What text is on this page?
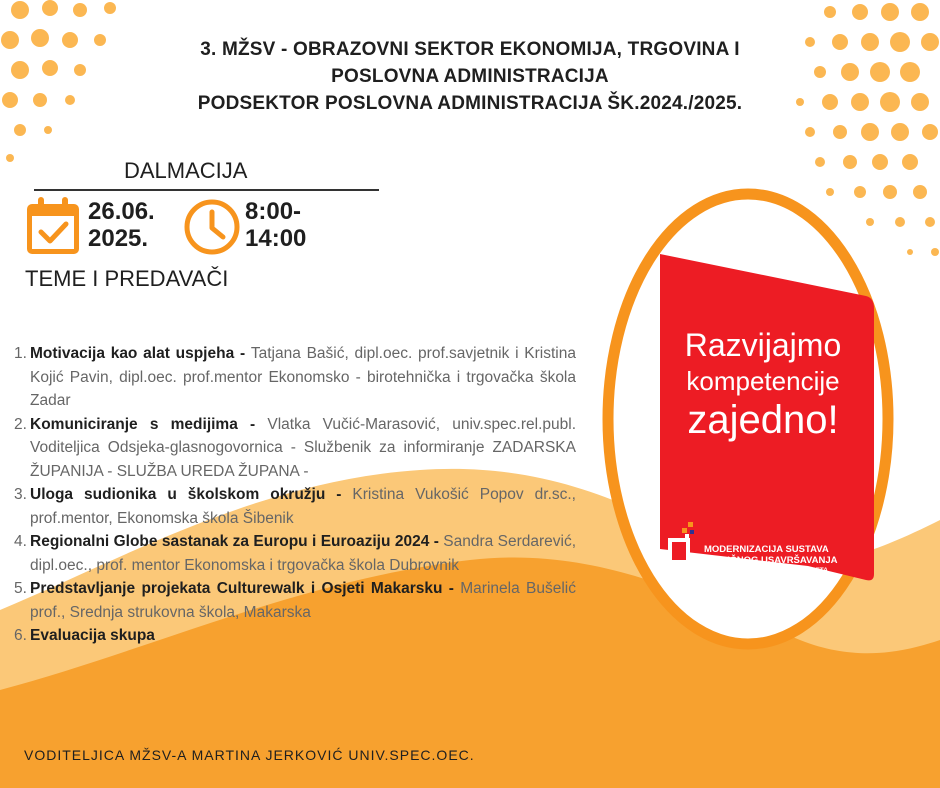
3. MŽSV - OBRAZOVNI SEKTOR EKONOMIJA, TRGOVINA I
POSLOVNA ADMINISTRACIJA
PODSEKTOR POSLOVNA ADMINISTRACIJA ŠK.2024./2025.
DALMACIJA
26.06.
2025.
8:00-
14:00
TEME I PREDAVAČI
1. Motivacija kao alat uspjeha - Tatjana Bašić, dipl.oec. prof.savjetnik i Kristina Kojić Pavin, dipl.oec. prof.mentor Ekonomsko - birotehnička i trgovačka škola Zadar
2. Komuniciranje s medijima - Vlatka Vučić-Marasović, univ.spec.rel.publ. Voditeljica Odsjeka-glasnogovornica - Službenik za informiranje ZADARSKA ŽUPANIJA - SLUŽBA UREDA ŽUPANA -
3. Uloga sudionika u školskom okružju - Kristina Vukošić Popov dr.sc., prof.mentor, Ekonomska škola Šibenik
4. Regionalni Globe sastanak za Europu i Euroaziju 2024 - Sandra Serdarević, dipl.oec., prof. mentor Ekonomska i trgovačka škola Dubrovnik
5. Predstavljanje projekata Culturewalk i Osjeti Makarsku - Marinela Bušelić prof., Srednja strukovna škola, Makarska
6. Evaluacija skupa
Razvijajmo
kompetencije
zajedno!
MODERNIZACIJA SUSTAVA
STRUČNOG USAVRŠAVANJA
NASTAVNIKA STRUKOVNIH PREDMETA
VODITELJICA MŽSV-A MARTINA JERKOVIĆ UNIV.SPEC.OEC.
